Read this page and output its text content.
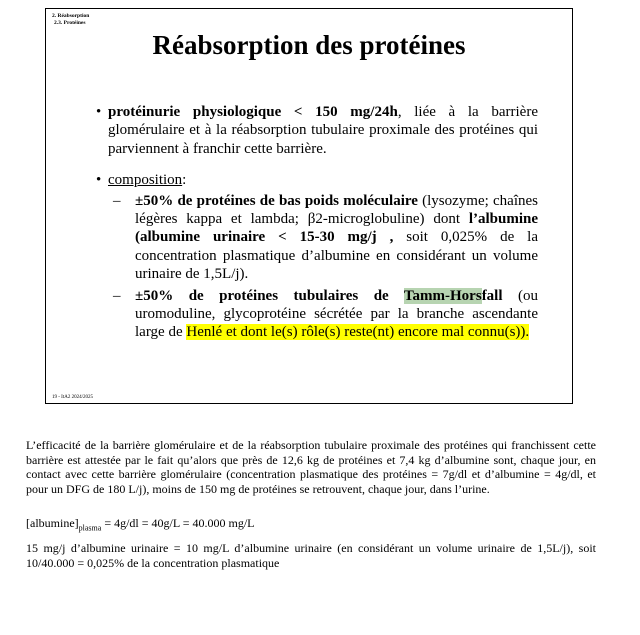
2. Réabsorption
2.3. Protéines
Réabsorption des protéines
• protéinurie physiologique < 150 mg/24h, liée à la barrière glomérulaire et à la réabsorption tubulaire proximale des protéines qui parviennent à franchir cette barrière.
• composition:
– ±50% de protéines de bas poids moléculaire (lysozyme; chaînes légères kappa et lambda; β2-microglobuline) dont l’albumine (albumine urinaire < 15-30 mg/j , soit 0,025% de la concentration plasmatique d’albumine en considérant un volume urinaire de 1,5L/j).
– ±50% de protéines tubulaires de Tamm-Horsfall (ou uromoduline, glycoprotéine sécrétée par la branche ascendante large de Henlé et dont le(s) rôle(s) reste(nt) encore mal connu(s)).
19 - ItA2 2024/2025

L’efficacité de la barrière glomérulaire et de la réabsorption tubulaire proximale des protéines qui franchissent cette barrière est attestée par le fait qu’alors que près de 12,6 kg de protéines et 7,4 kg d’albumine sont, chaque jour, en contact avec cette barrière glomérulaire (concentration plasmatique des protéines = 7g/dl et d’albumine = 4g/dl, et pour un DFG de 180 L/j), moins de 150 mg de protéines se retrouvent, chaque jour, dans l’urine.

$[albumine]_{plasma} = 4g/dl = 40g/L = 40.000$ mg/L

15 mg/j d’albumine urinaire = 10 mg/L d’albumine urinaire (en considérant un volume urinaire de 1,5L/j), soit 10/40.000 = 0,025% de la concentration plasmatique
